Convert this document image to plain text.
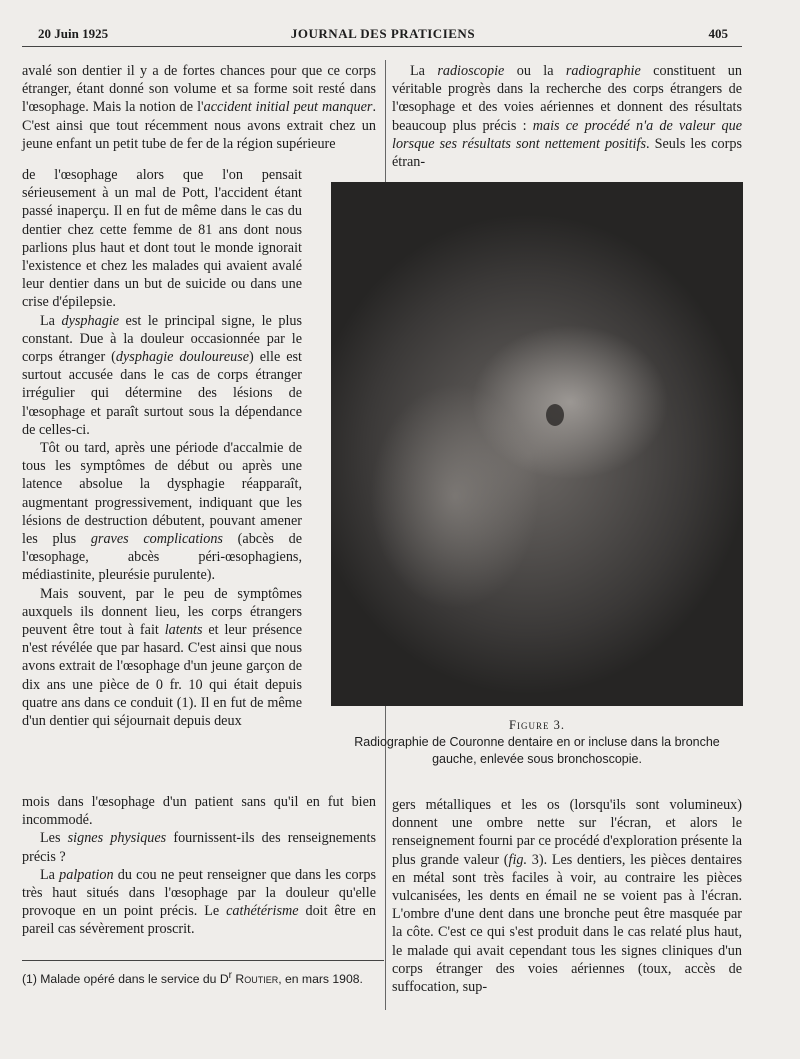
20 Juin 1925	JOURNAL DES PRATICIENS	405

avalé son dentier il y a de fortes chances pour que ce corps étranger, étant donné son volume et sa forme soit resté dans l'œsophage. Mais la notion de l'accident initial peut manquer. C'est ainsi que tout récemment nous avons extrait chez un jeune enfant un petit tube de fer de la région supérieure

de l'œsophage alors que l'on pensait sérieusement à un mal de Pott, l'accident étant passé inaperçu. Il en fut de même dans le cas du dentier chez cette femme de 81 ans dont nous parlions plus haut et dont tout le monde ignorait l'existence et chez les malades qui avaient avalé leur dentier dans un but de suicide ou dans une crise d'épilepsie.

La dysphagie est le principal signe, le plus constant. Due à la douleur occasionnée par le corps étranger (dysphagie douloureuse) elle est surtout accusée dans le cas de corps étranger irrégulier qui détermine des lésions de l'œsophage et paraît surtout sous la dépendance de celles-ci.

Tôt ou tard, après une période d'accalmie de tous les symptômes de début ou après une latence absolue la dysphagie réapparaît, augmentant progressivement, indiquant que les lésions de destruction débutent, pouvant amener les plus graves complications (abcès de l'œsophage, abcès péri-œsophagiens, médiastinite, pleurésie purulente).

Mais souvent, par le peu de symptômes auxquels ils donnent lieu, les corps étrangers peuvent être tout à fait latents et leur présence n'est révélée que par hasard. C'est ainsi que nous avons extrait de l'œsophage d'un jeune garçon de dix ans une pièce de 0 fr. 10 qui était depuis quatre ans dans ce conduit (1). Il en fut de même d'un dentier qui séjournait depuis deux

mois dans l'œsophage d'un patient sans qu'il en fut bien incommodé.

Les signes physiques fournissent-ils des renseignements précis ?

La palpation du cou ne peut renseigner que dans les corps très haut situés dans l'œsophage par la douleur qu'elle provoque en un point précis. Le cathétérisme doit être en pareil cas sévèrement proscrit.

(1) Malade opéré dans le service du $D^r$ Routier, en mars 1908.

La radioscopie ou la radiographie constituent un véritable progrès dans la recherche des corps étrangers de l'œsophage et des voies aériennes et donnent des résultats beaucoup plus précis : mais ce procédé n'a de valeur que lorsque ses résultats sont nettement positifs. Seuls les corps étran-

Figure 3.
Radiographie de Couronne dentaire en or incluse dans la bronche gauche, enlevée sous bronchoscopie.

gers métalliques et les os (lorsqu'ils sont volumineux) donnent une ombre nette sur l'écran, et alors le renseignement fourni par ce procédé d'exploration présente la plus grande valeur (fig. 3). Les dentiers, les pièces dentaires en métal sont très faciles à voir, au contraire les pièces vulcanisées, les dents en émail ne se voient pas à l'écran. L'ombre d'une dent dans une bronche peut être masquée par la côte. C'est ce qui s'est produit dans le cas relaté plus haut, le malade qui avait cependant tous les signes cliniques d'un corps étranger des voies aériennes (toux, accès de suffocation, sup-
